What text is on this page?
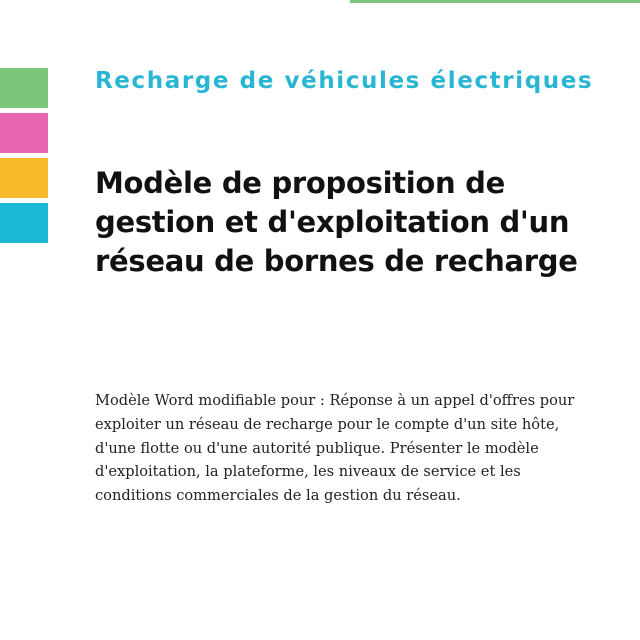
Recharge de véhicules électriques
Modèle de proposition de gestion et d'exploitation d'un réseau de bornes de recharge

Modèle Word modifiable pour : Réponse à un appel d'offres pour exploiter un réseau de recharge pour le compte d'un site hôte, d'une flotte ou d'une autorité publique. Présenter le modèle d'exploitation, la plateforme, les niveaux de service et les conditions commerciales de la gestion du réseau.
